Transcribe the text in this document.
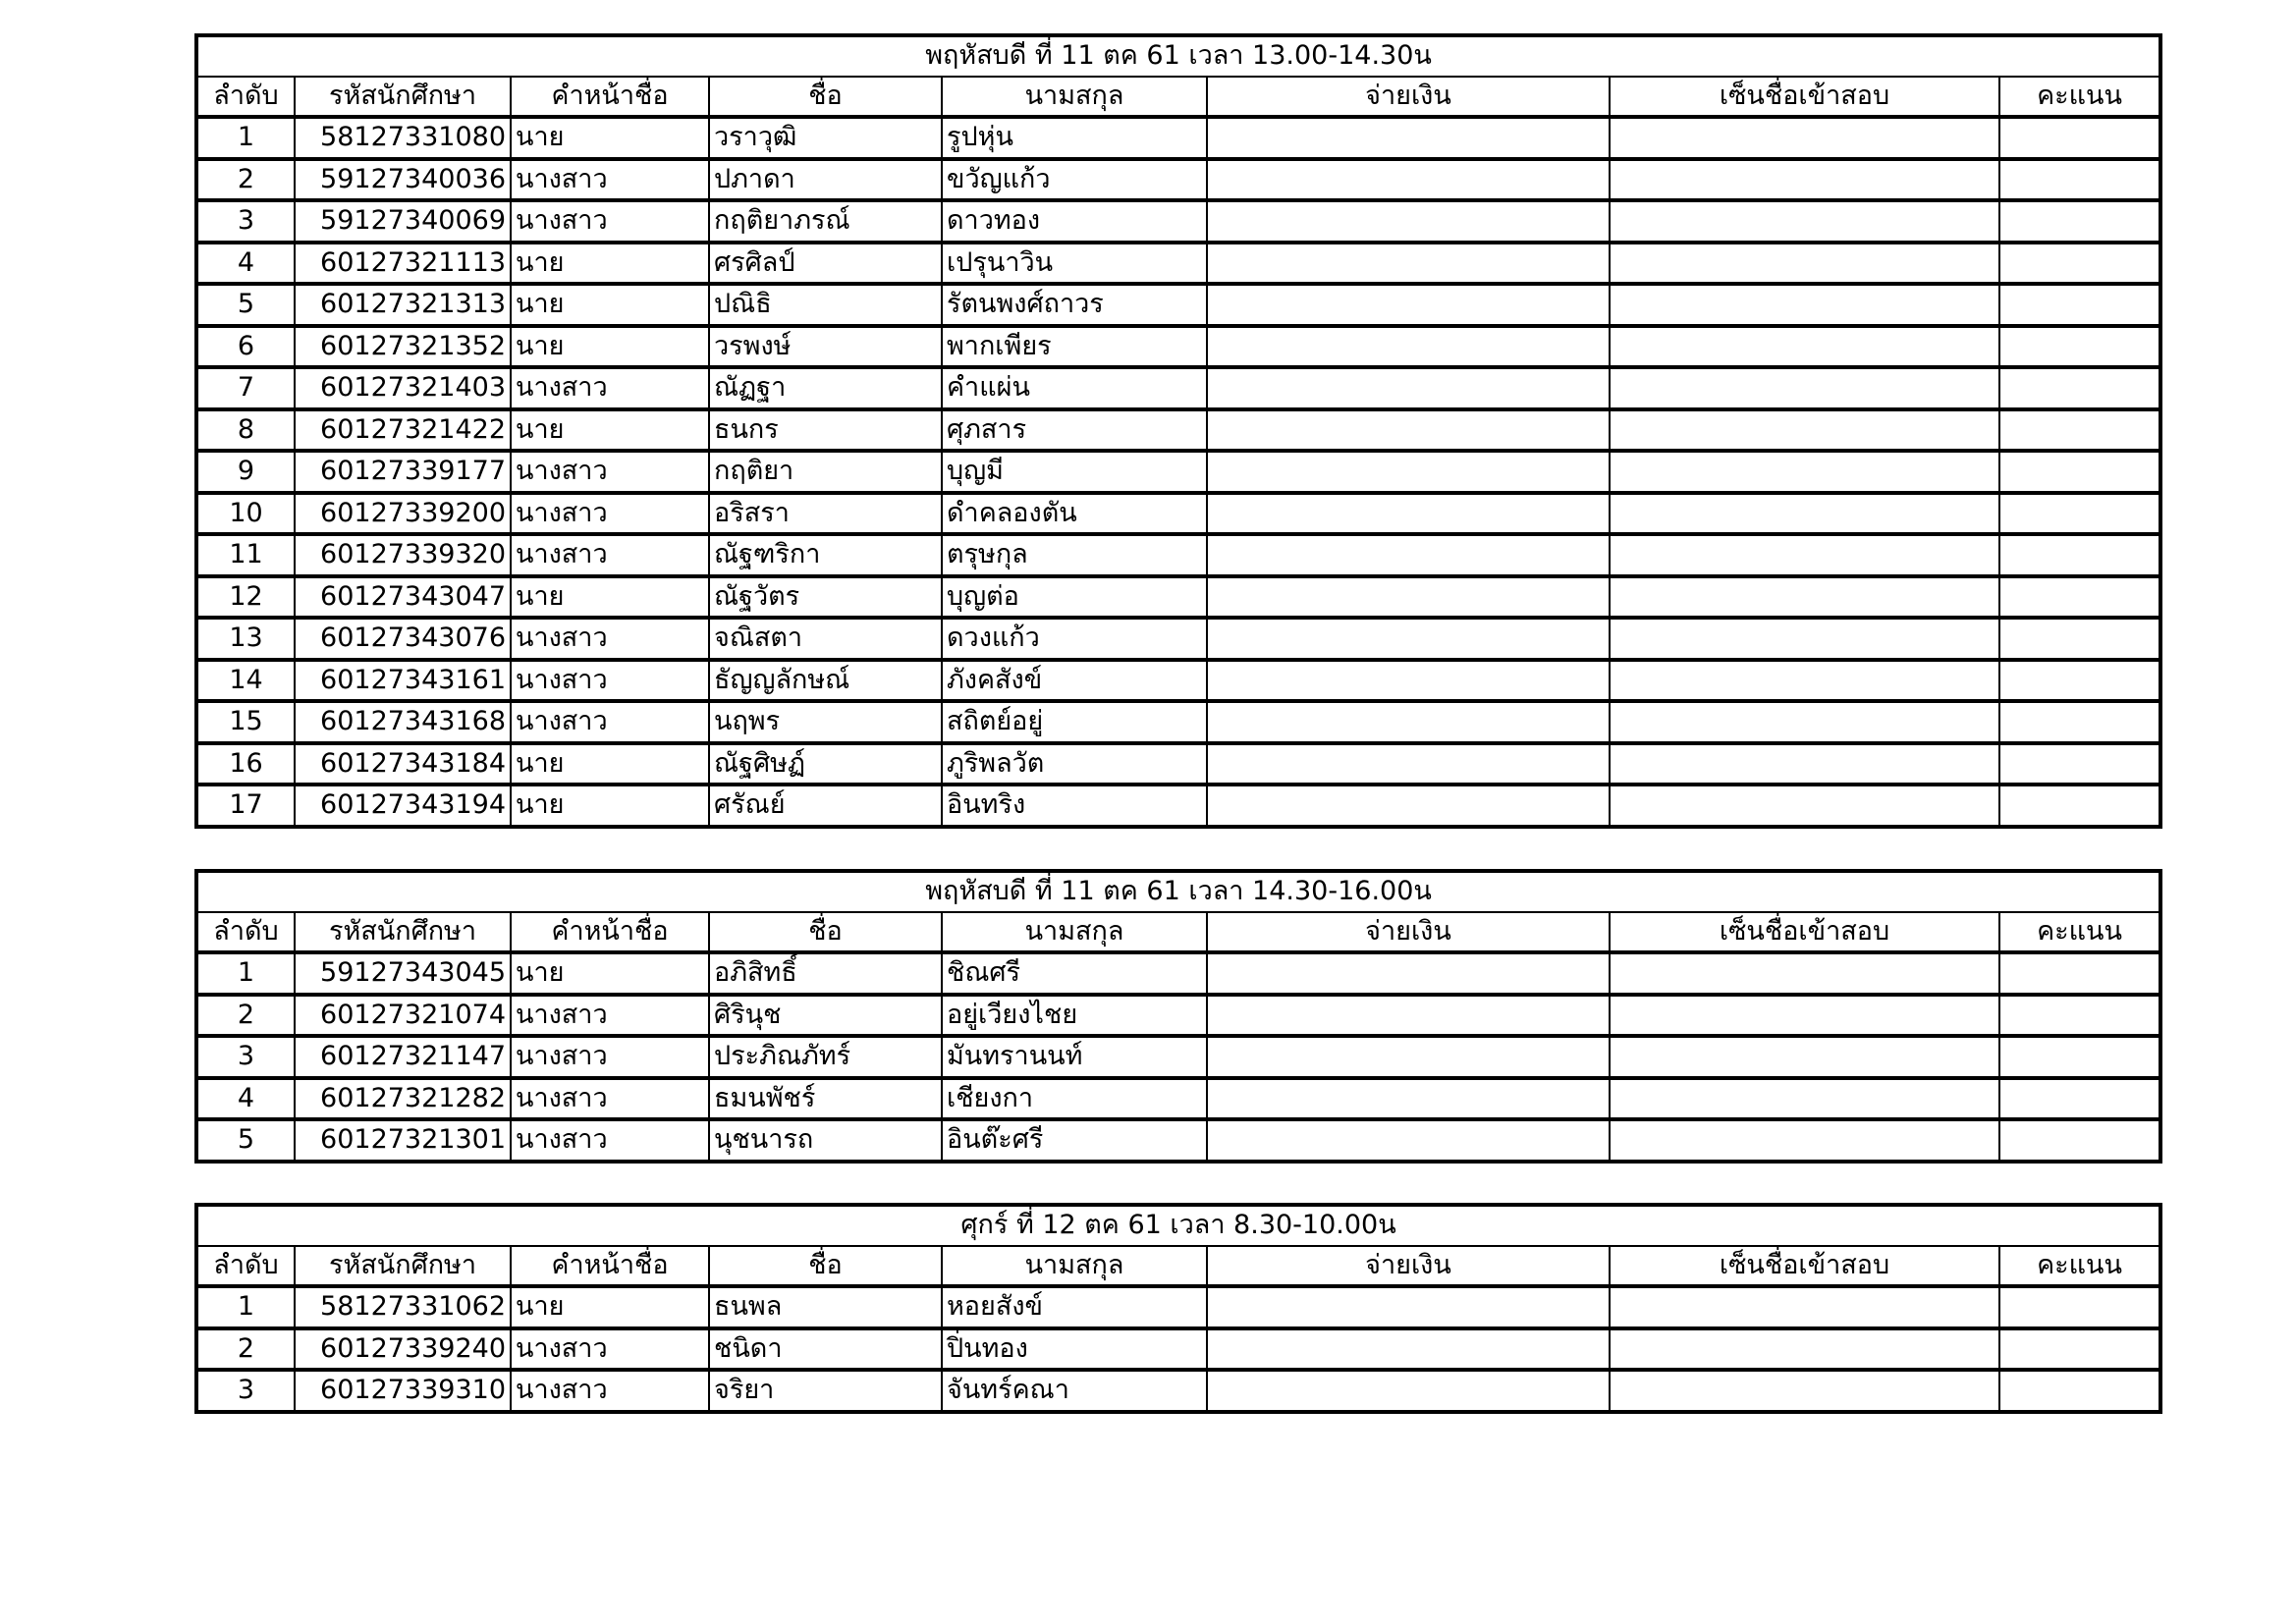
พฤหัสบดี ที่ 11 ตค 61 เวลา 13.00-14.30น							
ลำดับ	รหัสนักศึกษา	คำหน้าชื่อ	ชื่อ	นามสกุล	จ่ายเงิน	เซ็นชื่อเข้าสอบ	คะแนน
1	58127331080	นาย	วราวุฒิ	รูปหุ่น			
2	59127340036	นางสาว	ปภาดา	ขวัญแก้ว			
3	59127340069	นางสาว	กฤติยาภรณ์	ดาวทอง			
4	60127321113	นาย	ศรศิลป์	เปรุนาวิน			
5	60127321313	นาย	ปณิธิ	รัตนพงศ์ถาวร			
6	60127321352	นาย	วรพงษ์	พากเพียร			
7	60127321403	นางสาว	ณัฏฐา	คำแผ่น			
8	60127321422	นาย	ธนกร	ศุภสาร			
9	60127339177	นางสาว	กฤติยา	บุญมี			
10	60127339200	นางสาว	อริสรา	ดำคลองตัน			
11	60127339320	นางสาว	ณัฐฑริกา	ตรุษกุล			
12	60127343047	นาย	ณัฐวัตร	บุญต่อ			
13	60127343076	นางสาว	จณิสตา	ดวงแก้ว			
14	60127343161	นางสาว	ธัญญลักษณ์	ภังคสังข์			
15	60127343168	นางสาว	นฤพร	สถิตย์อยู่			
16	60127343184	นาย	ณัฐศิษฏ์	ภูริพลวัต			
17	60127343194	นาย	ศรัณย์	อินทริง			
พฤหัสบดี ที่ 11 ตค 61 เวลา 14.30-16.00น							
ลำดับ	รหัสนักศึกษา	คำหน้าชื่อ	ชื่อ	นามสกุล	จ่ายเงิน	เซ็นชื่อเข้าสอบ	คะแนน
1	59127343045	นาย	อภิสิทธิ์	ชิณศรี			
2	60127321074	นางสาว	ศิรินุช	อยู่เวียงไชย			
3	60127321147	นางสาว	ประภิณภัทร์	มันทรานนท์			
4	60127321282	นางสาว	ธมนพัชร์	เชียงกา			
5	60127321301	นางสาว	นุชนารถ	อินต๊ะศรี			
ศุกร์ ที่ 12 ตค 61 เวลา 8.30-10.00น							
ลำดับ	รหัสนักศึกษา	คำหน้าชื่อ	ชื่อ	นามสกุล	จ่ายเงิน	เซ็นชื่อเข้าสอบ	คะแนน
1	58127331062	นาย	ธนพล	หอยสังข์			
2	60127339240	นางสาว	ชนิดา	ปิ่นทอง			
3	60127339310	นางสาว	จริยา	จันทร์คณา			
